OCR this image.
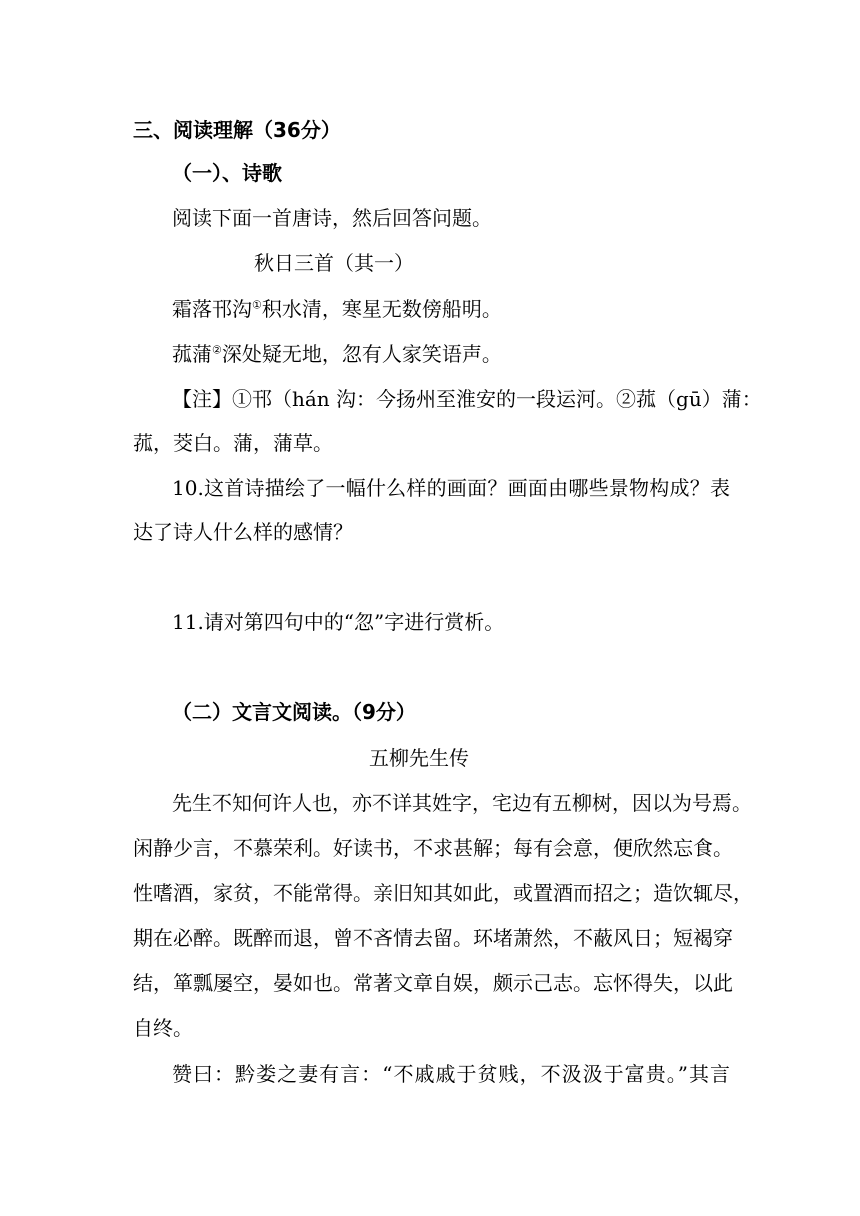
三、阅读理解（36分）
（一）、诗歌
阅读下面一首唐诗，然后回答问题。
秋日三首（其一）
霜落邗沟①积水清，寒星无数傍船明。
菰蒲②深处疑无地，忽有人家笑语声。
【注】①邗（hán 沟：今扬州至淮安的一段运河。②菰（gū）蒲：
菰，茭白。蒲，蒲草。
10.这首诗描绘了一幅什么样的画面？画面由哪些景物构成？表
达了诗人什么样的感情？
11.请对第四句中的“忽”字进行赏析。
（二）文言文阅读。（9分）
五柳先生传
先生不知何许人也，亦不详其姓字，宅边有五柳树，因以为号焉。
闲静少言，不慕荣利。好读书，不求甚解；每有会意，便欣然忘食。
性嗜酒，家贫，不能常得。亲旧知其如此，或置酒而招之；造饮辄尽，
期在必醉。既醉而退，曾不吝情去留。环堵萧然，不蔽风日；短褐穿
结，箪瓢屡空，晏如也。常著文章自娱，颇示己志。忘怀得失，以此
自终。
赞曰：黔娄之妻有言：“不戚戚于贫贱，不汲汲于富贵。”其言
